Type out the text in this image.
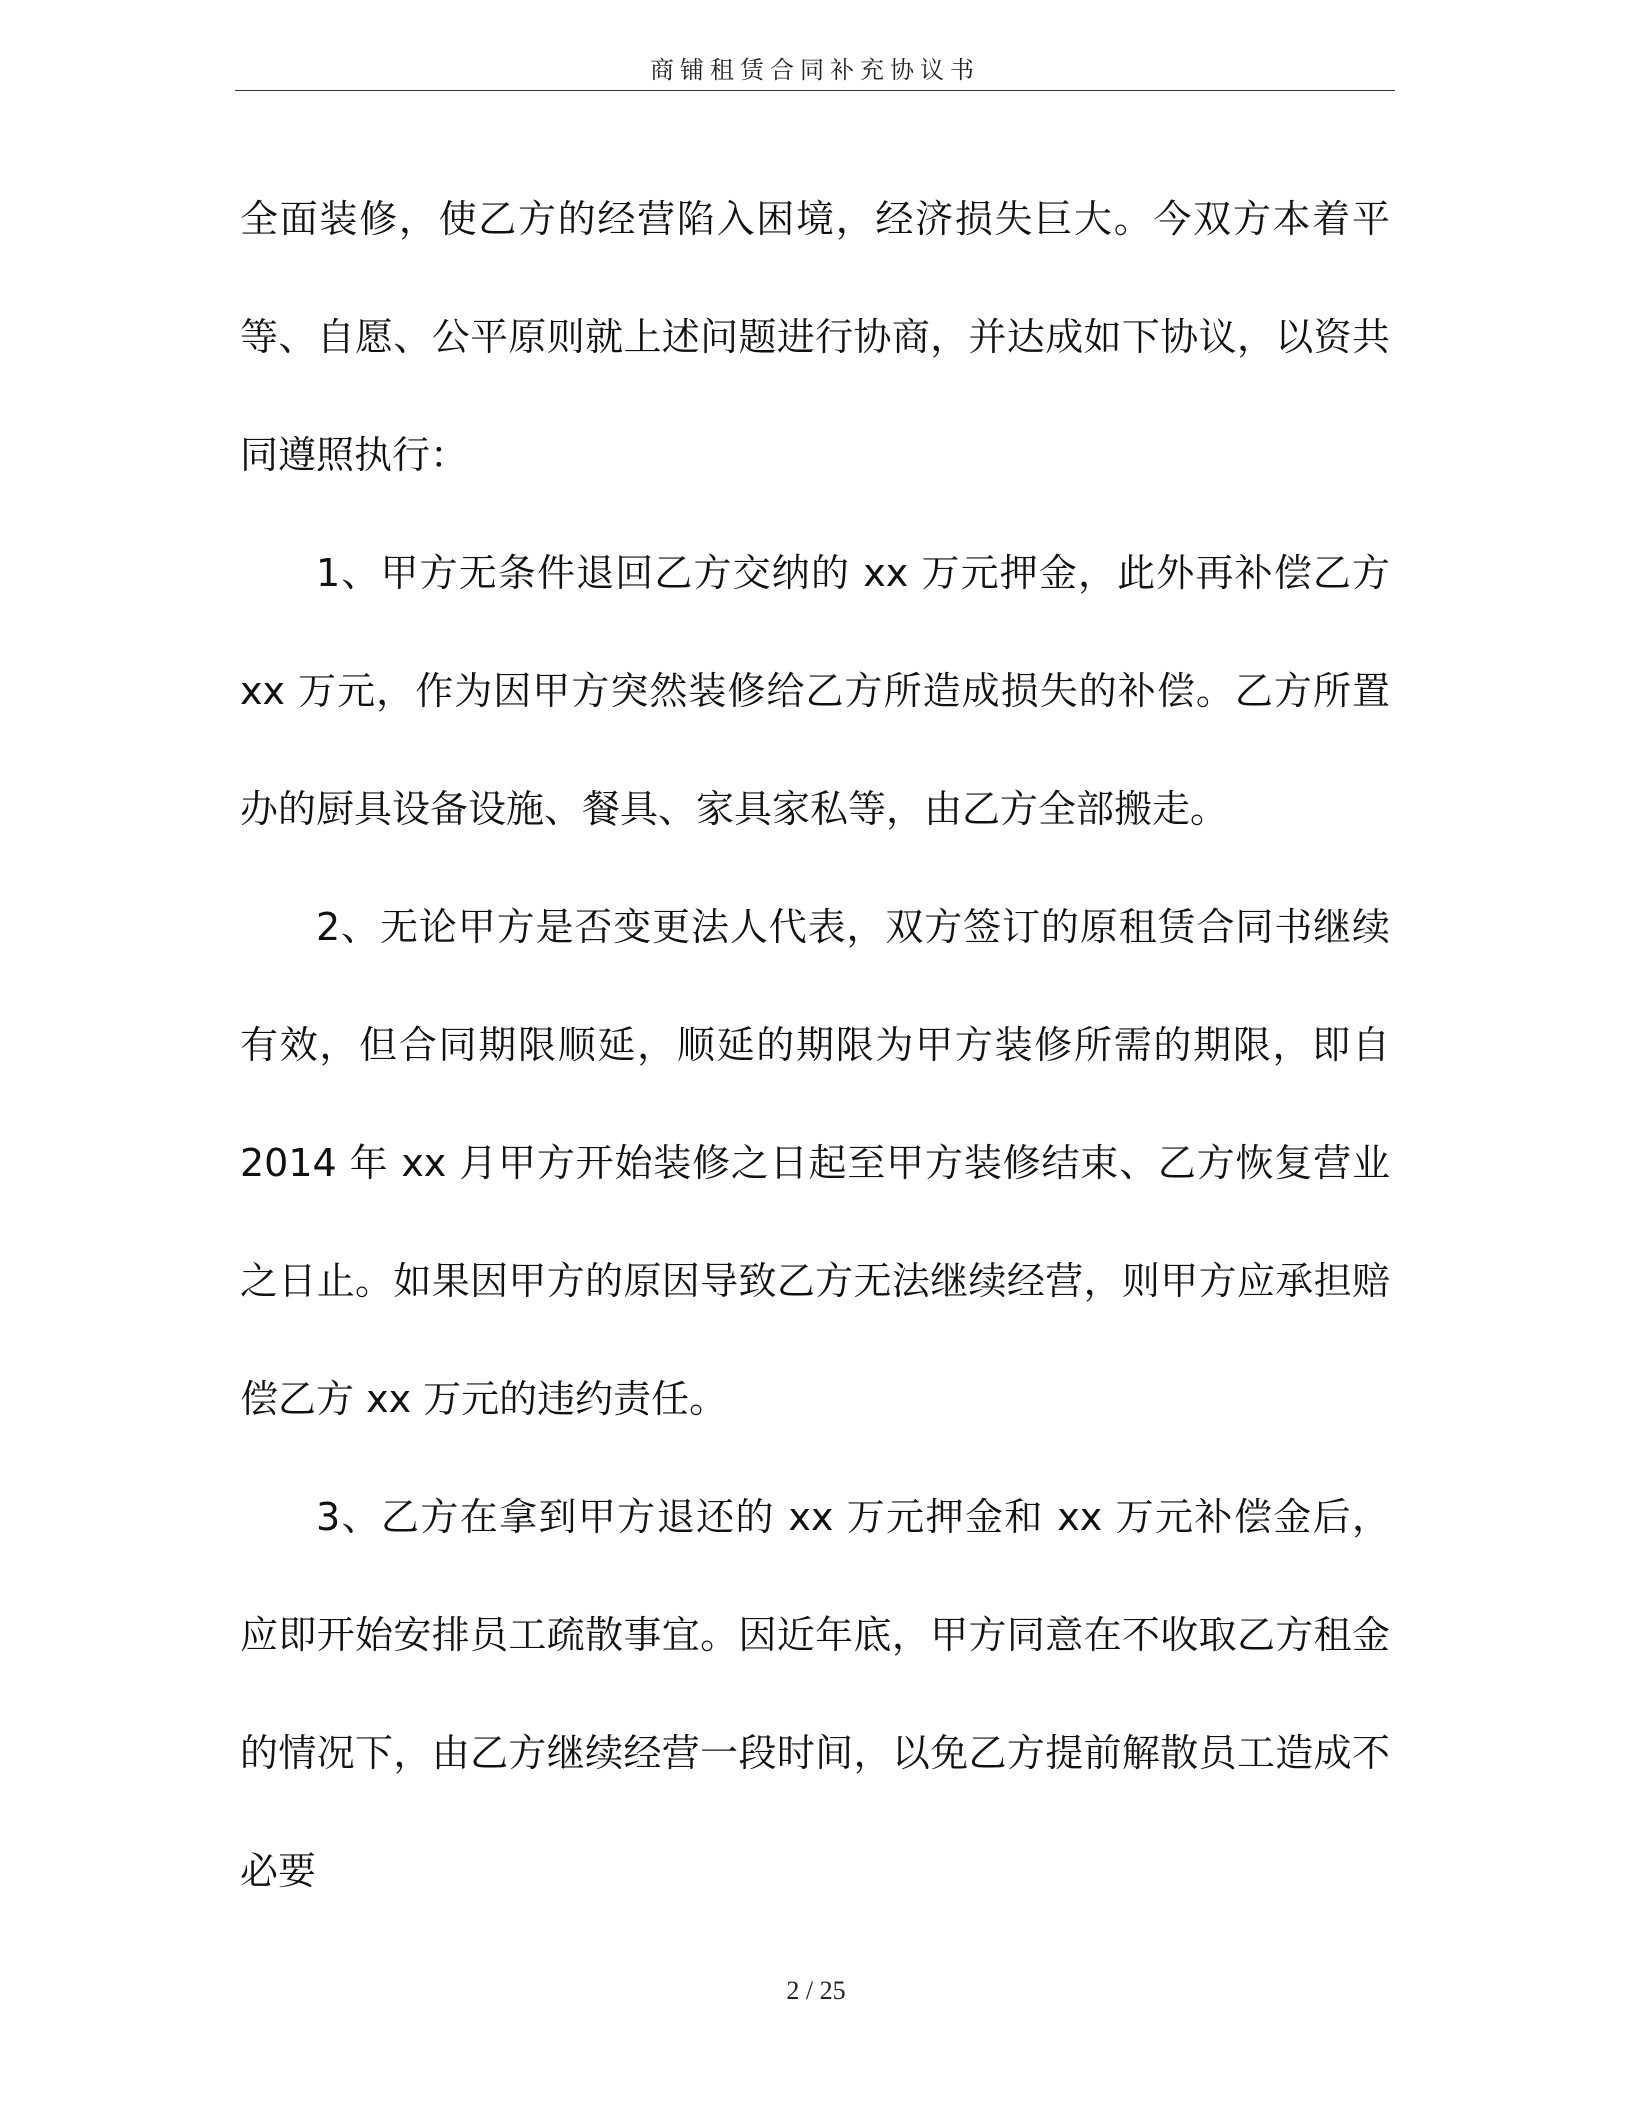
商铺租赁合同补充协议书

全面装修，使乙方的经营陷入困境，经济损失巨大。今双方本着平等、自愿、公平原则就上述问题进行协商，并达成如下协议，以资共同遵照执行：

1、甲方无条件退回乙方交纳的 xx 万元押金，此外再补偿乙方 xx 万元，作为因甲方突然装修给乙方所造成损失的补偿。乙方所置办的厨具设备设施、餐具、家具家私等，由乙方全部搬走。

2、无论甲方是否变更法人代表，双方签订的原租赁合同书继续有效，但合同期限顺延，顺延的期限为甲方装修所需的期限，即自 2014 年 xx 月甲方开始装修之日起至甲方装修结束、乙方恢复营业之日止。如果因甲方的原因导致乙方无法继续经营，则甲方应承担赔偿乙方 xx 万元的违约责任。

3、乙方在拿到甲方退还的 xx 万元押金和 xx 万元补偿金后，应即开始安排员工疏散事宜。因近年底，甲方同意在不收取乙方租金的情况下，由乙方继续经营一段时间，以免乙方提前解散员工造成不必要

2 / 25
